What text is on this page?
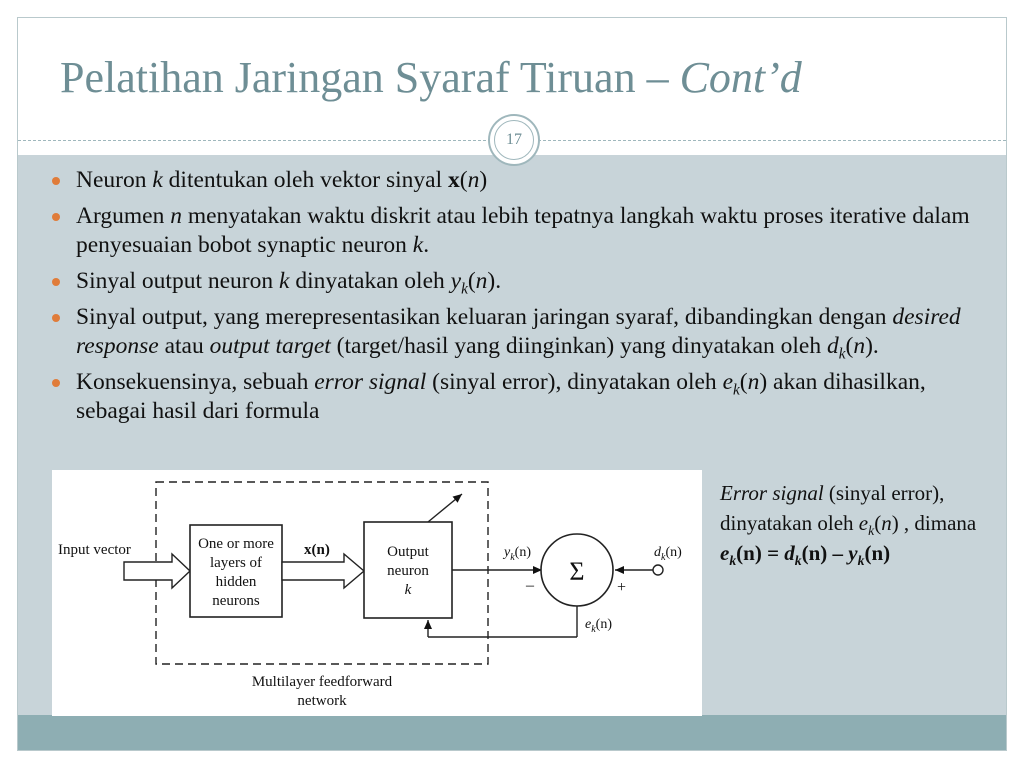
Pelatihan Jaringan Syaraf Tiruan – Cont’d
17
Neuron k ditentukan oleh vektor sinyal x(n)
Argumen n menyatakan waktu diskrit atau lebih tepatnya langkah waktu proses iterative dalam penyesuaian bobot synaptic neuron k.
Sinyal output neuron k dinyatakan oleh $y_k(n)$.
Sinyal output, yang merepresentasikan keluaran jaringan syaraf, dibandingkan dengan desired response atau output target (target/hasil yang diinginkan) yang dinyatakan oleh $d_k(n)$.
Konsekuensinya, sebuah error signal (sinyal error), dinyatakan oleh $e_k(n)$ akan dihasilkan, sebagai hasil dari formula
Input vector	One or more
layers of
hidden
neurons
x(n)	Output
neuron
k
$y_k(n)$
– Σ
$d_k(n)$
+
$e_k(n)$
Multilayer feedforward
network
Error signal (sinyal error), dinyatakan oleh $e_k(n)$ , dimana
$e_k(n) = d_k(n) - y_k(n)$
